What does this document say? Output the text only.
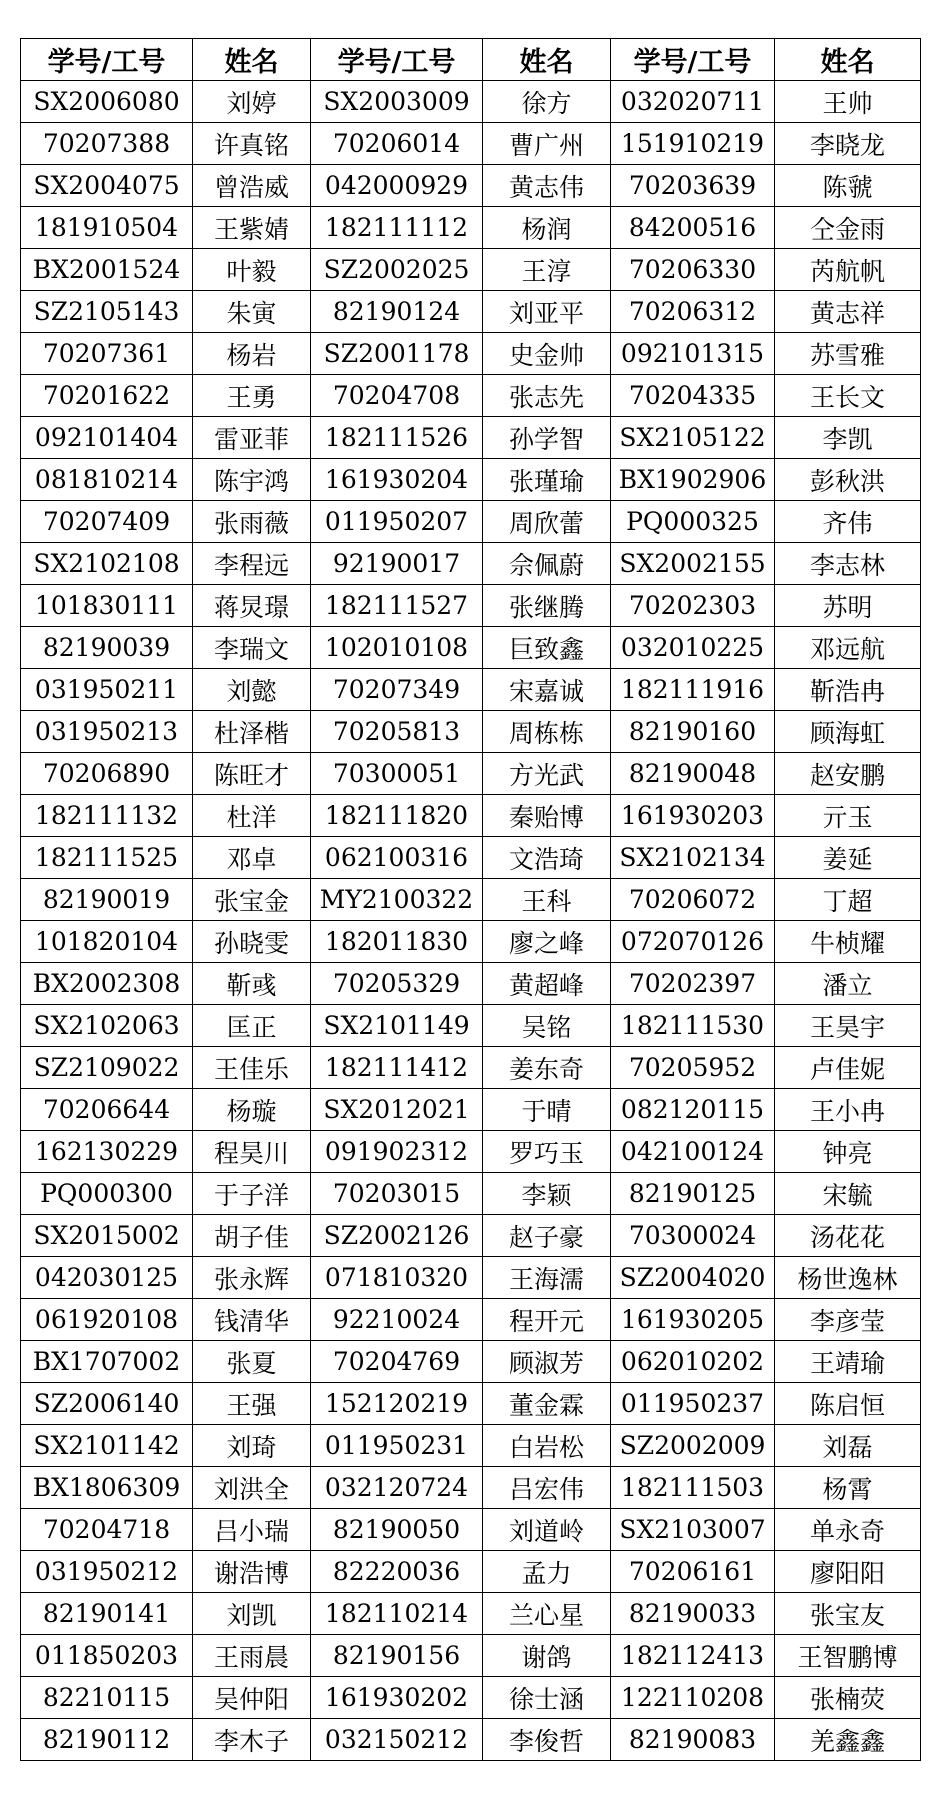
学号/工号	姓名	学号/工号	姓名	学号/工号	姓名
SX2006080	刘婷	SX2003009	徐方	032020711	王帅
70207388	许真铭	70206014	曹广州	151910219	李晓龙
SX2004075	曾浩威	042000929	黄志伟	70203639	陈虢
181910504	王紫婧	182111112	杨润	84200516	仝金雨
BX2001524	叶毅	SZ2002025	王淳	70206330	芮航帆
SZ2105143	朱寅	82190124	刘亚平	70206312	黄志祥
70207361	杨岩	SZ2001178	史金帅	092101315	苏雪雅
70201622	王勇	70204708	张志先	70204335	王长文
092101404	雷亚菲	182111526	孙学智	SX2105122	李凯
081810214	陈宇鸿	161930204	张瑾瑜	BX1902906	彭秋洪
70207409	张雨薇	011950207	周欣蕾	PQ000325	齐伟
SX2102108	李程远	92190017	佘佩蔚	SX2002155	李志林
101830111	蒋炅璟	182111527	张继腾	70202303	苏明
82190039	李瑞文	102010108	巨致鑫	032010225	邓远航
031950211	刘懿	70207349	宋嘉诚	182111916	靳浩冉
031950213	杜泽楷	70205813	周栋栋	82190160	顾海虹
70206890	陈旺才	70300051	方光武	82190048	赵安鹏
182111132	杜洋	182111820	秦贻博	161930203	亓玉
182111525	邓卓	062100316	文浩琦	SX2102134	姜延
82190019	张宝金	MY2100322	王科	70206072	丁超
101820104	孙晓雯	182011830	廖之峰	072070126	牛桢耀
BX2002308	靳彧	70205329	黄超峰	70202397	潘立
SX2102063	匡正	SX2101149	吴铭	182111530	王昊宇
SZ2109022	王佳乐	182111412	姜东奇	70205952	卢佳妮
70206644	杨璇	SX2012021	于晴	082120115	王小冉
162130229	程昊川	091902312	罗巧玉	042100124	钟亮
PQ000300	于子洋	70203015	李颖	82190125	宋毓
SX2015002	胡子佳	SZ2002126	赵子豪	70300024	汤花花
042030125	张永辉	071810320	王海濡	SZ2004020	杨世逸林
061920108	钱清华	92210024	程开元	161930205	李彦莹
BX1707002	张夏	70204769	顾淑芳	062010202	王靖瑜
SZ2006140	王强	152120219	董金霖	011950237	陈启恒
SX2101142	刘琦	011950231	白岩松	SZ2002009	刘磊
BX1806309	刘洪全	032120724	吕宏伟	182111503	杨霄
70204718	吕小瑞	82190050	刘道岭	SX2103007	单永奇
031950212	谢浩博	82220036	孟力	70206161	廖阳阳
82190141	刘凯	182110214	兰心星	82190033	张宝友
011850203	王雨晨	82190156	谢鸽	182112413	王智鹏博
82210115	吴仲阳	161930202	徐士涵	122110208	张楠荧
82190112	李木子	032150212	李俊哲	82190083	羌鑫鑫
